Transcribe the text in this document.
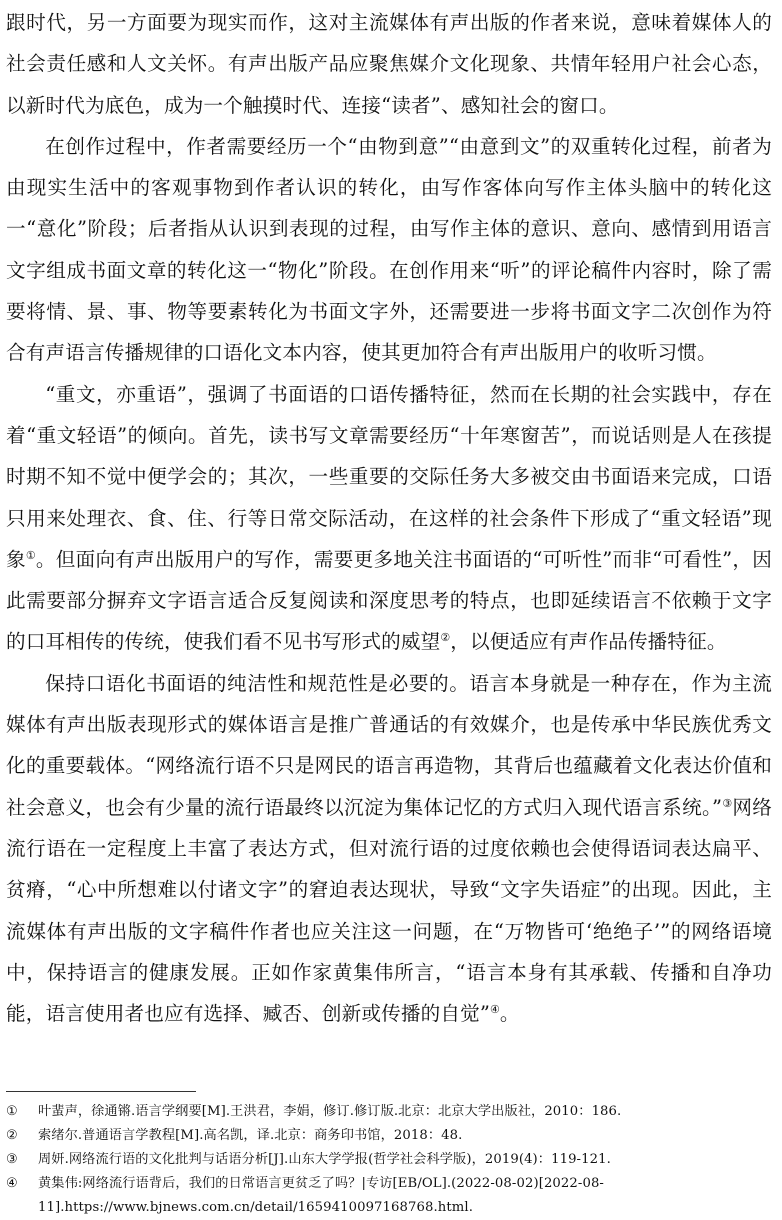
跟时代，另一方面要为现实而作，这对主流媒体有声出版的作者来说，意味着媒体人的社会责任感和人文关怀。有声出版产品应聚焦媒介文化现象、共情年轻用户社会心态，以新时代为底色，成为一个触摸时代、连接“读者”、感知社会的窗口。

在创作过程中，作者需要经历一个“由物到意”“由意到文”的双重转化过程，前者为由现实生活中的客观事物到作者认识的转化，由写作客体向写作主体头脑中的转化这一“意化”阶段；后者指从认识到表现的过程，由写作主体的意识、意向、感情到用语言文字组成书面文章的转化这一“物化”阶段。在创作用来“听”的评论稿件内容时，除了需要将情、景、事、物等要素转化为书面文字外，还需要进一步将书面文字二次创作为符合有声语言传播规律的口语化文本内容，使其更加符合有声出版用户的收听习惯。

“重文，亦重语”，强调了书面语的口语传播特征，然而在长期的社会实践中，存在着“重文轻语”的倾向。首先，读书写文章需要经历“十年寒窗苦”，而说话则是人在孩提时期不知不觉中便学会的；其次，一些重要的交际任务大多被交由书面语来完成，口语只用来处理衣、食、住、行等日常交际活动，在这样的社会条件下形成了“重文轻语”现象①。但面向有声出版用户的写作，需要更多地关注书面语的“可听性”而非“可看性”，因此需要部分摒弃文字语言适合反复阅读和深度思考的特点，也即延续语言不依赖于文字的口耳相传的传统，使我们看不见书写形式的威望②，以便适应有声作品传播特征。

保持口语化书面语的纯洁性和规范性是必要的。语言本身就是一种存在，作为主流媒体有声出版表现形式的媒体语言是推广普通话的有效媒介，也是传承中华民族优秀文化的重要载体。“网络流行语不只是网民的语言再造物，其背后也蕴藏着文化表达价值和社会意义，也会有少量的流行语最终以沉淀为集体记忆的方式归入现代语言系统。”③网络流行语在一定程度上丰富了表达方式，但对流行语的过度依赖也会使得语词表达扁平、贫瘠，“心中所想难以付诸文字”的窘迫表达现状，导致“文字失语症”的出现。因此，主流媒体有声出版的文字稿件作者也应关注这一问题，在“万物皆可‘绝绝子’”的网络语境中，保持语言的健康发展。正如作家黄集伟所言，“语言本身有其承载、传播和自净功能，语言使用者也应有选择、臧否、创新或传播的自觉”④。

① 叶蜚声，徐通锵.语言学纲要[M].王洪君，李娟，修订.修订版.北京：北京大学出版社，2010：186.

② 索绪尔.普通语言学教程[M].高名凯，译.北京：商务印书馆，2018：48.

③ 周妍.网络流行语的文化批判与话语分析[J].山东大学学报(哲学社会科学版)，2019(4)：119-121.

④ 黄集伟:网络流行语背后，我们的日常语言更贫乏了吗？|专访[EB/OL].(2022-08-02)[2022-08-11].https://www.bjnews.com.cn/detail/1659410097168768.html.
